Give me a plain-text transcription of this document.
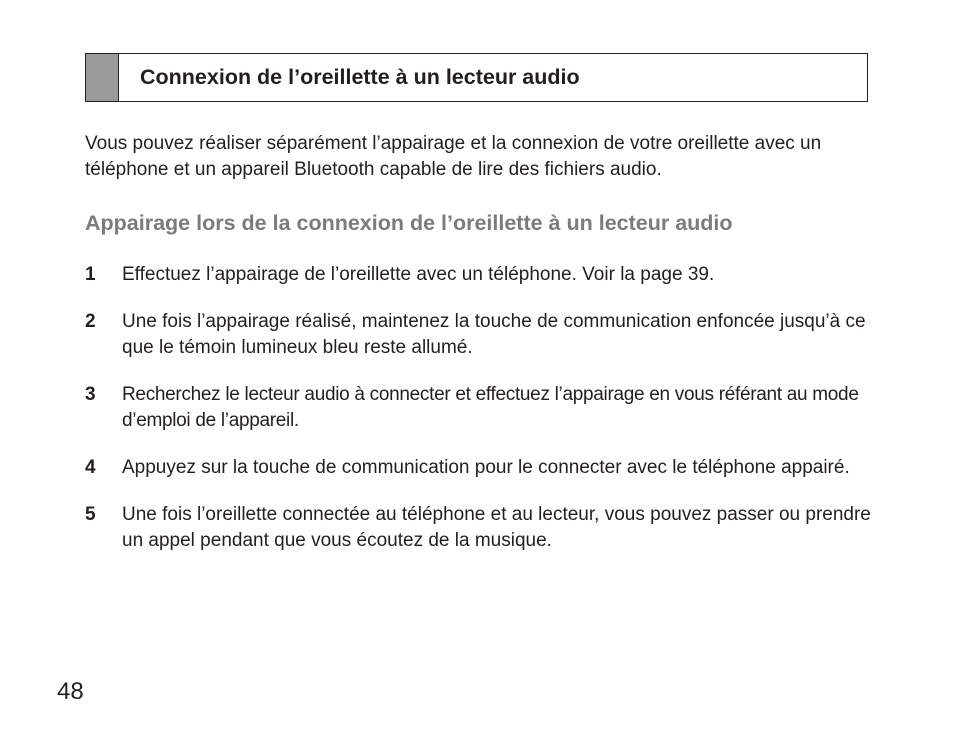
Connexion de l’oreillette à un lecteur audio

Vous pouvez réaliser séparément l’appairage et la connexion de votre oreillette avec un téléphone et un appareil Bluetooth capable de lire des fichiers audio.

Appairage lors de la connexion de l’oreillette à un lecteur audio
1	Effectuez l’appairage de l’oreillette avec un téléphone. Voir la page 39.
2	Une fois l’appairage réalisé, maintenez la touche de communication enfoncée jusqu’à ce que le témoin lumineux bleu reste allumé.
3	Recherchez le lecteur audio à connecter et effectuez l’appairage en vous référant au mode d’emploi de l’appareil.
4	Appuyez sur la touche de communication pour le connecter avec le téléphone appairé.
5	Une fois l’oreillette connectée au téléphone et au lecteur, vous pouvez passer ou prendre un appel pendant que vous écoutez de la musique.

48
